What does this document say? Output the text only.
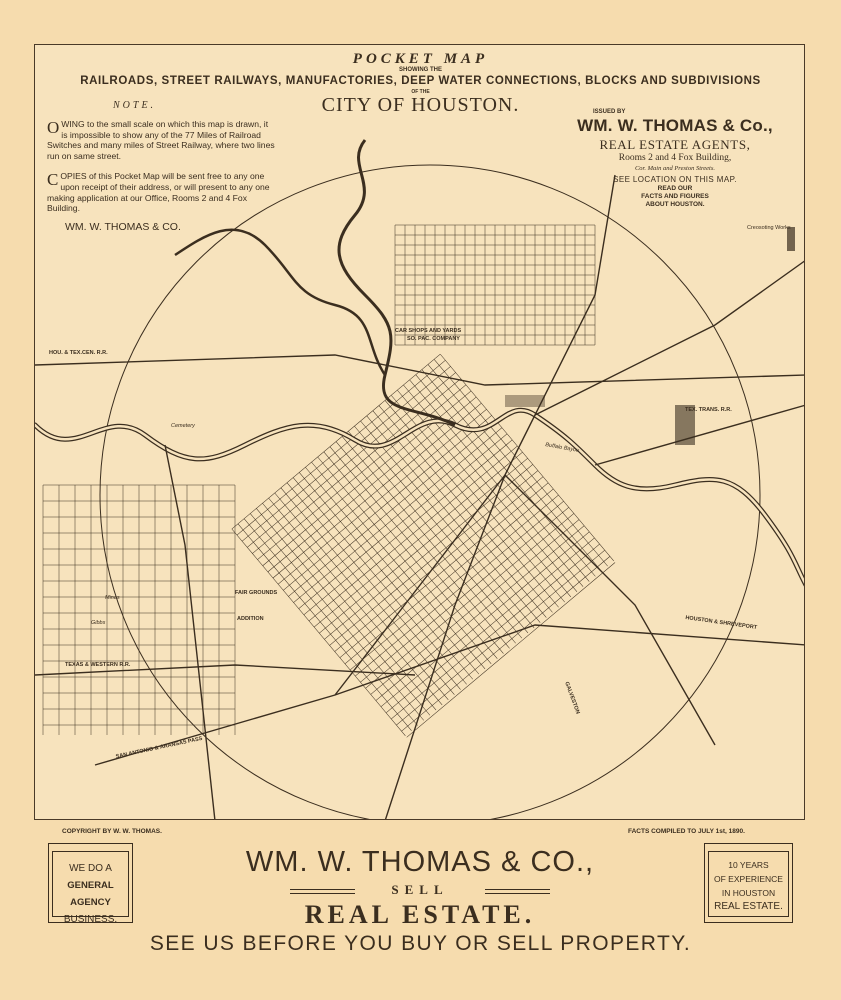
POCKET MAP
SHOWING THE
RAILROADS, STREET RAILWAYS, MANUFACTORIES, DEEP WATER CONNECTIONS, BLOCKS AND SUBDIVISIONS
OF THE
CITY OF HOUSTON.
NOTE.
OWING to the small scale on which this map is drawn, it is impossible to show any of the 77 Miles of Railroad Switches and many miles of Street Railway, where two lines run on same street.
COPIES of this Pocket Map will be sent free to any one upon receipt of their address, or will present to any one making application at our Office, Rooms 2 and 4 Fox Building.
WM. W. THOMAS & CO.
ISSUED BY
WM. W. THOMAS & Co.,
REAL ESTATE AGENTS,
Rooms 2 and 4 Fox Building,
Cor. Main and Preston Streets.
SEE LOCATION ON THIS MAP.
READ OUR
FACTS AND FIGURES
ABOUT HOUSTON.
HOU. & TEX.CEN. R.R.
TEXAS & WESTERN R.R.
Cemetery
FAIR GROUNDS
ADDITION
SAN ANTONIO & ARANSAS PASS
TEX. TRANS. R.R.
Creosoting Works
GALVESTON
Mines
Gibbs
CAR SHOPS AND YARDS
SO. PAC. COMPANY
Buffalo Bayou
HOUSTON & SHREVEPORT
COPYRIGHT BY W. W. THOMAS.	FACTS COMPILED TO JULY 1st, 1890.
WE DO A
GENERAL AGENCY
BUSINESS.
10 YEARS
OF EXPERIENCE
IN HOUSTON
REAL ESTATE.
WM. W. THOMAS & CO.,
SELL
REAL ESTATE.
SEE US BEFORE YOU BUY OR SELL PROPERTY.
